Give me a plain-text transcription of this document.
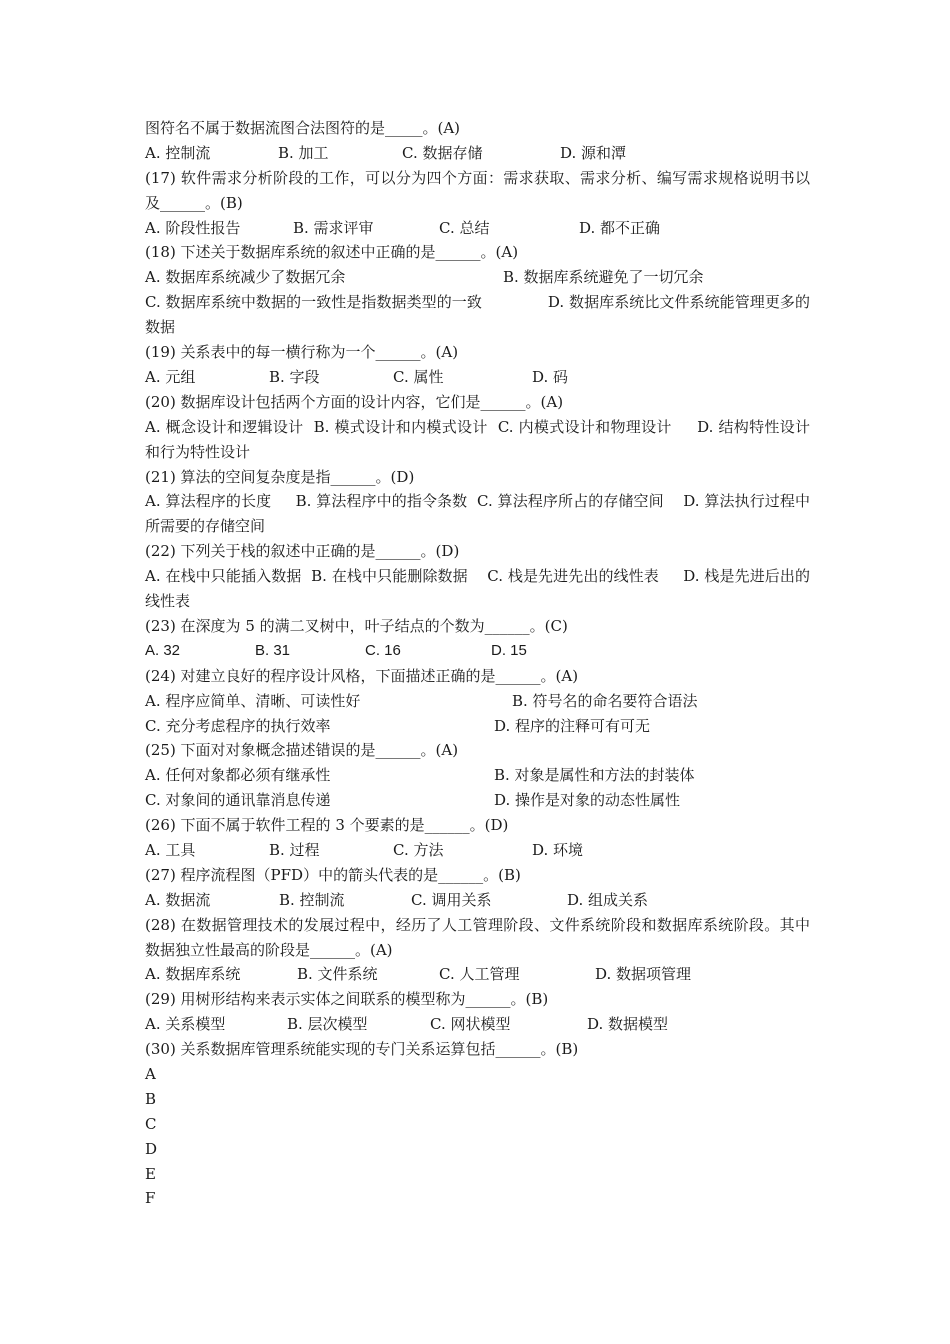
图符名不属于数据流图合法图符的是_____。(A)
A. 控制流	B. 加工	C. 数据存储	D. 源和潭
(17) 软件需求分析阶段的工作，可以分为四个方面：需求获取、需求分析、编写需求规格说明书以及______。(B)
A. 阶段性报告	B. 需求评审	C. 总结	D. 都不正确
(18) 下述关于数据库系统的叙述中正确的是______。(A)
A. 数据库系统减少了数据冗余	B. 数据库系统避免了一切冗余
C. 数据库系统中数据的一致性是指数据类型的一致	D. 数据库系统比文件系统能管理更多的数据
(19) 关系表中的每一横行称为一个______。(A)
A. 元组	B. 字段	C. 属性	D. 码
(20) 数据库设计包括两个方面的设计内容，它们是______。(A)
A. 概念设计和逻辑设计 B. 模式设计和内模式设计 C. 内模式设计和物理设计 D. 结构特性设计和行为特性设计
(21) 算法的空间复杂度是指______。(D)
A. 算法程序的长度 B. 算法程序中的指令条数 C. 算法程序所占的存储空间 D. 算法执行过程中所需要的存储空间
(22) 下列关于栈的叙述中正确的是______。(D)
A. 在栈中只能插入数据 B. 在栈中只能删除数据 C. 栈是先进先出的线性表 D. 栈是先进后出的线性表
(23) 在深度为 5 的满二叉树中，叶子结点的个数为______。(C)
A. 32	B. 31	C. 16	D. 15
(24) 对建立良好的程序设计风格，下面描述正确的是______。(A)
A. 程序应简单、清晰、可读性好	B. 符号名的命名要符合语法
C. 充分考虑程序的执行效率	D. 程序的注释可有可无
(25) 下面对对象概念描述错误的是______。(A)
A. 任何对象都必须有继承性	B. 对象是属性和方法的封装体
C. 对象间的通讯靠消息传递	D. 操作是对象的动态性属性
(26) 下面不属于软件工程的 3 个要素的是______。(D)
A. 工具	B. 过程	C. 方法	D. 环境
(27) 程序流程图（PFD）中的箭头代表的是______。(B)
A. 数据流	B. 控制流	C. 调用关系	D. 组成关系
(28) 在数据管理技术的发展过程中，经历了人工管理阶段、文件系统阶段和数据库系统阶段。其中数据独立性最高的阶段是______。(A)
A. 数据库系统	B. 文件系统	C. 人工管理	D. 数据项管理
(29) 用树形结构来表示实体之间联系的模型称为______。(B)
A. 关系模型	B. 层次模型	C. 网状模型	D. 数据模型
(30) 关系数据库管理系统能实现的专门关系运算包括______。(B)
A
B
C
D
E
F
